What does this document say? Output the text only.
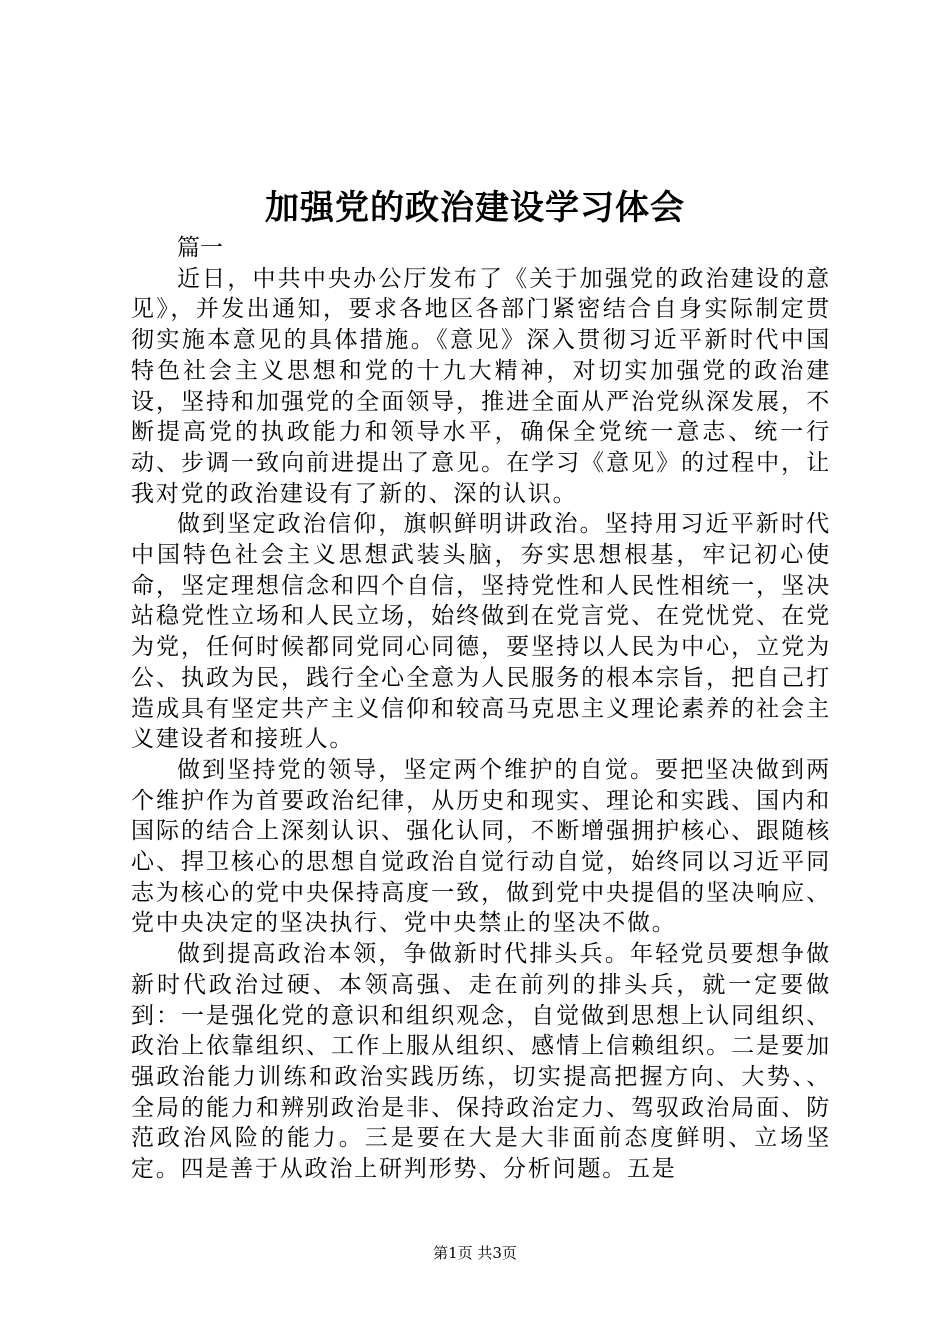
加强党的政治建设学习体会

篇一

近日，中共中央办公厅发布了《关于加强党的政治建设的意见》，并发出通知，要求各地区各部门紧密结合自身实际制定贯彻实施本意见的具体措施。《意见》深入贯彻习近平新时代中国特色社会主义思想和党的十九大精神，对切实加强党的政治建设，坚持和加强党的全面领导，推进全面从严治党纵深发展，不断提高党的执政能力和领导水平，确保全党统一意志、统一行动、步调一致向前进提出了意见。在学习《意见》的过程中，让我对党的政治建设有了新的、深的认识。

做到坚定政治信仰，旗帜鲜明讲政治。坚持用习近平新时代中国特色社会主义思想武装头脑，夯实思想根基，牢记初心使命，坚定理想信念和四个自信，坚持党性和人民性相统一，坚决站稳党性立场和人民立场，始终做到在党言党、在党忧党、在党为党，任何时候都同党同心同德，要坚持以人民为中心，立党为公、执政为民，践行全心全意为人民服务的根本宗旨，把自己打造成具有坚定共产主义信仰和较高马克思主义理论素养的社会主义建设者和接班人。

做到坚持党的领导，坚定两个维护的自觉。要把坚决做到两个维护作为首要政治纪律，从历史和现实、理论和实践、国内和国际的结合上深刻认识、强化认同，不断增强拥护核心、跟随核心、捍卫核心的思想自觉政治自觉行动自觉，始终同以习近平同志为核心的党中央保持高度一致，做到党中央提倡的坚决响应、党中央决定的坚决执行、党中央禁止的坚决不做。

做到提高政治本领，争做新时代排头兵。年轻党员要想争做新时代政治过硬、本领高强、走在前列的排头兵，就一定要做到：一是强化党的意识和组织观念，自觉做到思想上认同组织、政治上依靠组织、工作上服从组织、感情上信赖组织。二是要加强政治能力训练和政治实践历练，切实提高把握方向、大势、、全局的能力和辨别政治是非、保持政治定力、驾驭政治局面、防范政治风险的能力。三是要在大是大非面前态度鲜明、立场坚定。四是善于从政治上研判形势、分析问题。五是

第1页 共3页
